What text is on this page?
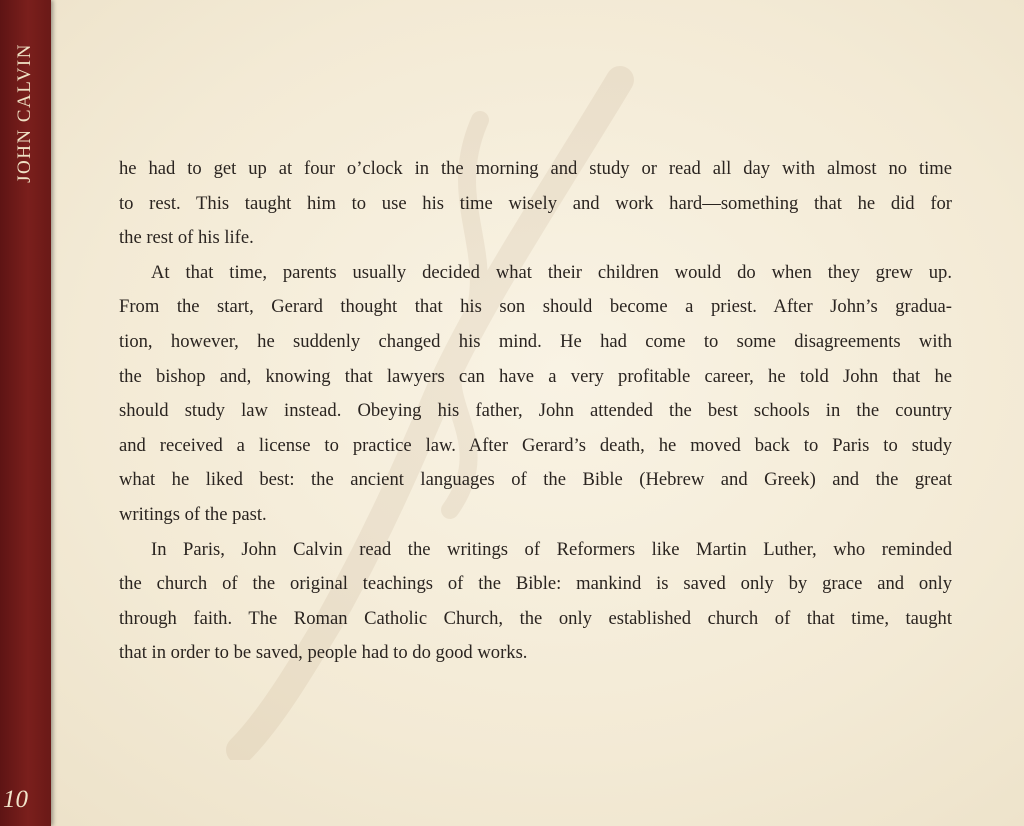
JOHN CALVIN
10
he had to get up at four o’clock in the morning and study or read all day with almost no time
to rest. This taught him to use his time wisely and work hard—something that he did for
the rest of his life.
At that time, parents usually decided what their children would do when they grew up.
From the start, Gerard thought that his son should become a priest. After John’s gradua-
tion, however, he suddenly changed his mind. He had come to some disagreements with
the bishop and, knowing that lawyers can have a very profitable career, he told John that he
should study law instead. Obeying his father, John attended the best schools in the country
and received a license to practice law. After Gerard’s death, he moved back to Paris to study
what he liked best: the ancient languages of the Bible (Hebrew and Greek) and the great
writings of the past.
In Paris, John Calvin read the writings of Reformers like Martin Luther, who reminded
the church of the original teachings of the Bible: mankind is saved only by grace and only
through faith. The Roman Catholic Church, the only established church of that time, taught
that in order to be saved, people had to do good works.
